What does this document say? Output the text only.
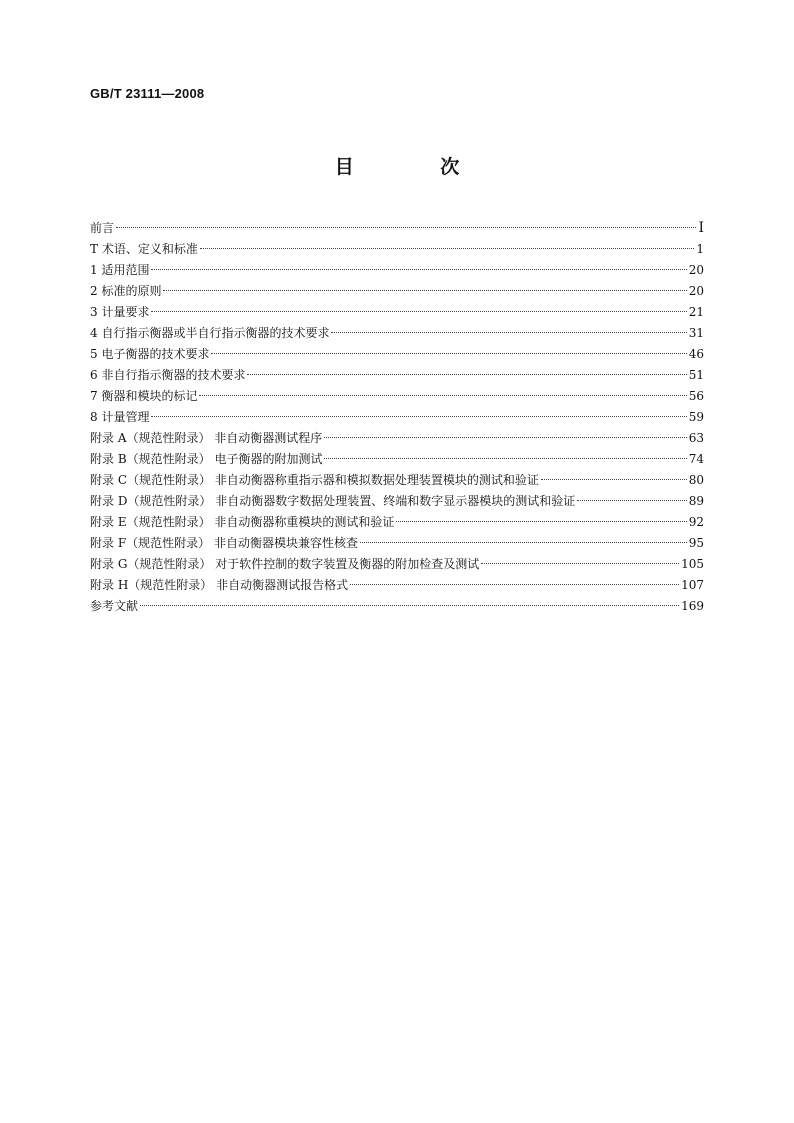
GB/T 23111—2008
目 次
前言	Ⅰ
T 术语、定义和标准	1
1 适用范围	20
2 标准的原则	20
3 计量要求	21
4 自行指示衡器或半自行指示衡器的技术要求	31
5 电子衡器的技术要求	46
6 非自行指示衡器的技术要求	51
7 衡器和模块的标记	56
8 计量管理	59
附录 A（规范性附录） 非自动衡器测试程序	63
附录 B（规范性附录） 电子衡器的附加测试	74
附录 C（规范性附录） 非自动衡器称重指示器和模拟数据处理装置模块的测试和验证	80
附录 D（规范性附录） 非自动衡器数字数据处理装置、终端和数字显示器模块的测试和验证	89
附录 E（规范性附录） 非自动衡器称重模块的测试和验证	92
附录 F（规范性附录） 非自动衡器模块兼容性核查	95
附录 G（规范性附录） 对于软件控制的数字装置及衡器的附加检查及测试	105
附录 H（规范性附录） 非自动衡器测试报告格式	107
参考文献	169
